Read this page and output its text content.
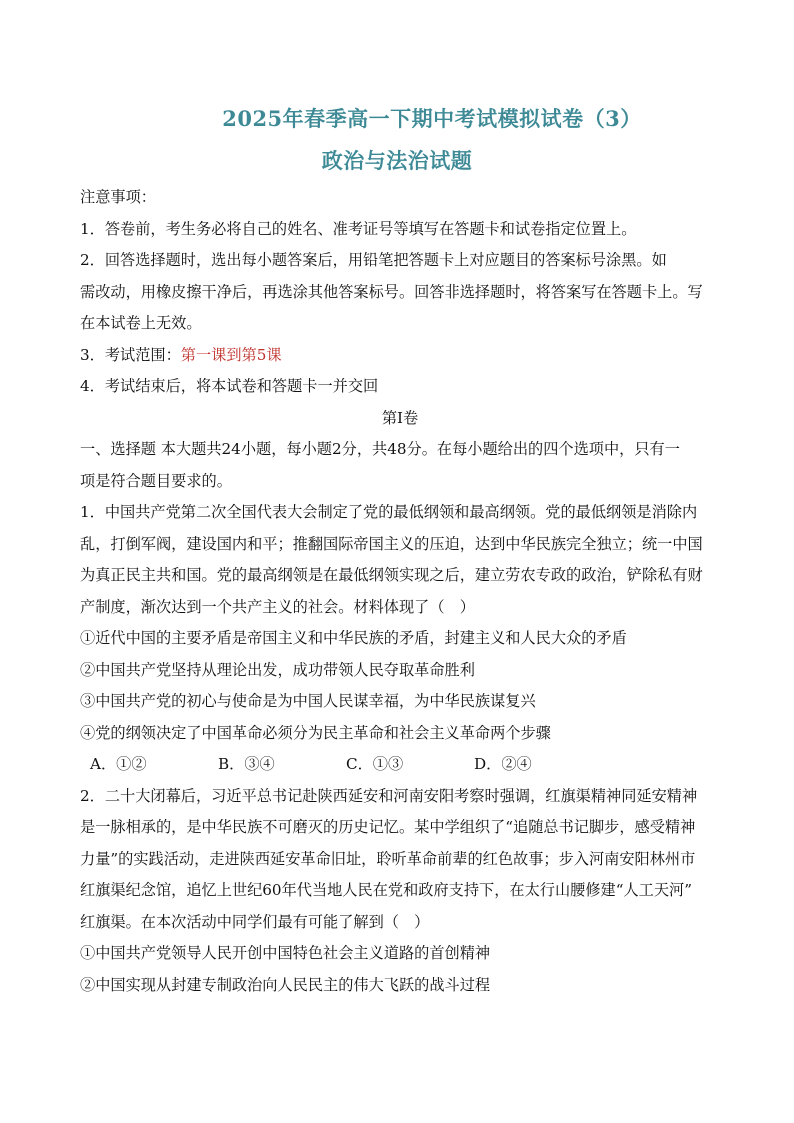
2025年春季高一下期中考试模拟试卷（3）
政治与法治试题
注意事项：
1．答卷前，考生务必将自己的姓名、准考证号等填写在答题卡和试卷指定位置上。
2．回答选择题时，选出每小题答案后，用铅笔把答题卡上对应题目的答案标号涂黑。如
需改动，用橡皮擦干净后，再选涂其他答案标号。回答非选择题时，将答案写在答题卡上。写
在本试卷上无效。
3．考试范围：第一课到第5课
4．考试结束后，将本试卷和答题卡一并交回
第Ⅰ卷
一、选择题 本大题共24小题，每小题2分，共48分。在每小题给出的四个选项中，只有一
项是符合题目要求的。
1．中国共产党第二次全国代表大会制定了党的最低纲领和最高纲领。党的最低纲领是消除内
乱，打倒军阀，建设国内和平；推翻国际帝国主义的压迫，达到中华民族完全独立；统一中国
为真正民主共和国。党的最高纲领是在最低纲领实现之后，建立劳农专政的政治，铲除私有财
产制度，渐次达到一个共产主义的社会。材料体现了（　）
①近代中国的主要矛盾是帝国主义和中华民族的矛盾，封建主义和人民大众的矛盾
②中国共产党坚持从理论出发，成功带领人民夺取革命胜利
③中国共产党的初心与使命是为中国人民谋幸福，为中华民族谋复兴
④党的纲领决定了中国革命必须分为民主革命和社会主义革命两个步骤
A．①②	B．③④	C．①③	D．②④
2．二十大闭幕后，习近平总书记赴陕西延安和河南安阳考察时强调，红旗渠精神同延安精神
是一脉相承的，是中华民族不可磨灭的历史记忆。某中学组织了“追随总书记脚步，感受精神
力量”的实践活动，走进陕西延安革命旧址，聆听革命前辈的红色故事；步入河南安阳林州市
红旗渠纪念馆，追忆上世纪60年代当地人民在党和政府支持下，在太行山腰修建“人工天河”
红旗渠。在本次活动中同学们最有可能了解到（　）
①中国共产党领导人民开创中国特色社会主义道路的首创精神
②中国实现从封建专制政治向人民民主的伟大飞跃的战斗过程
